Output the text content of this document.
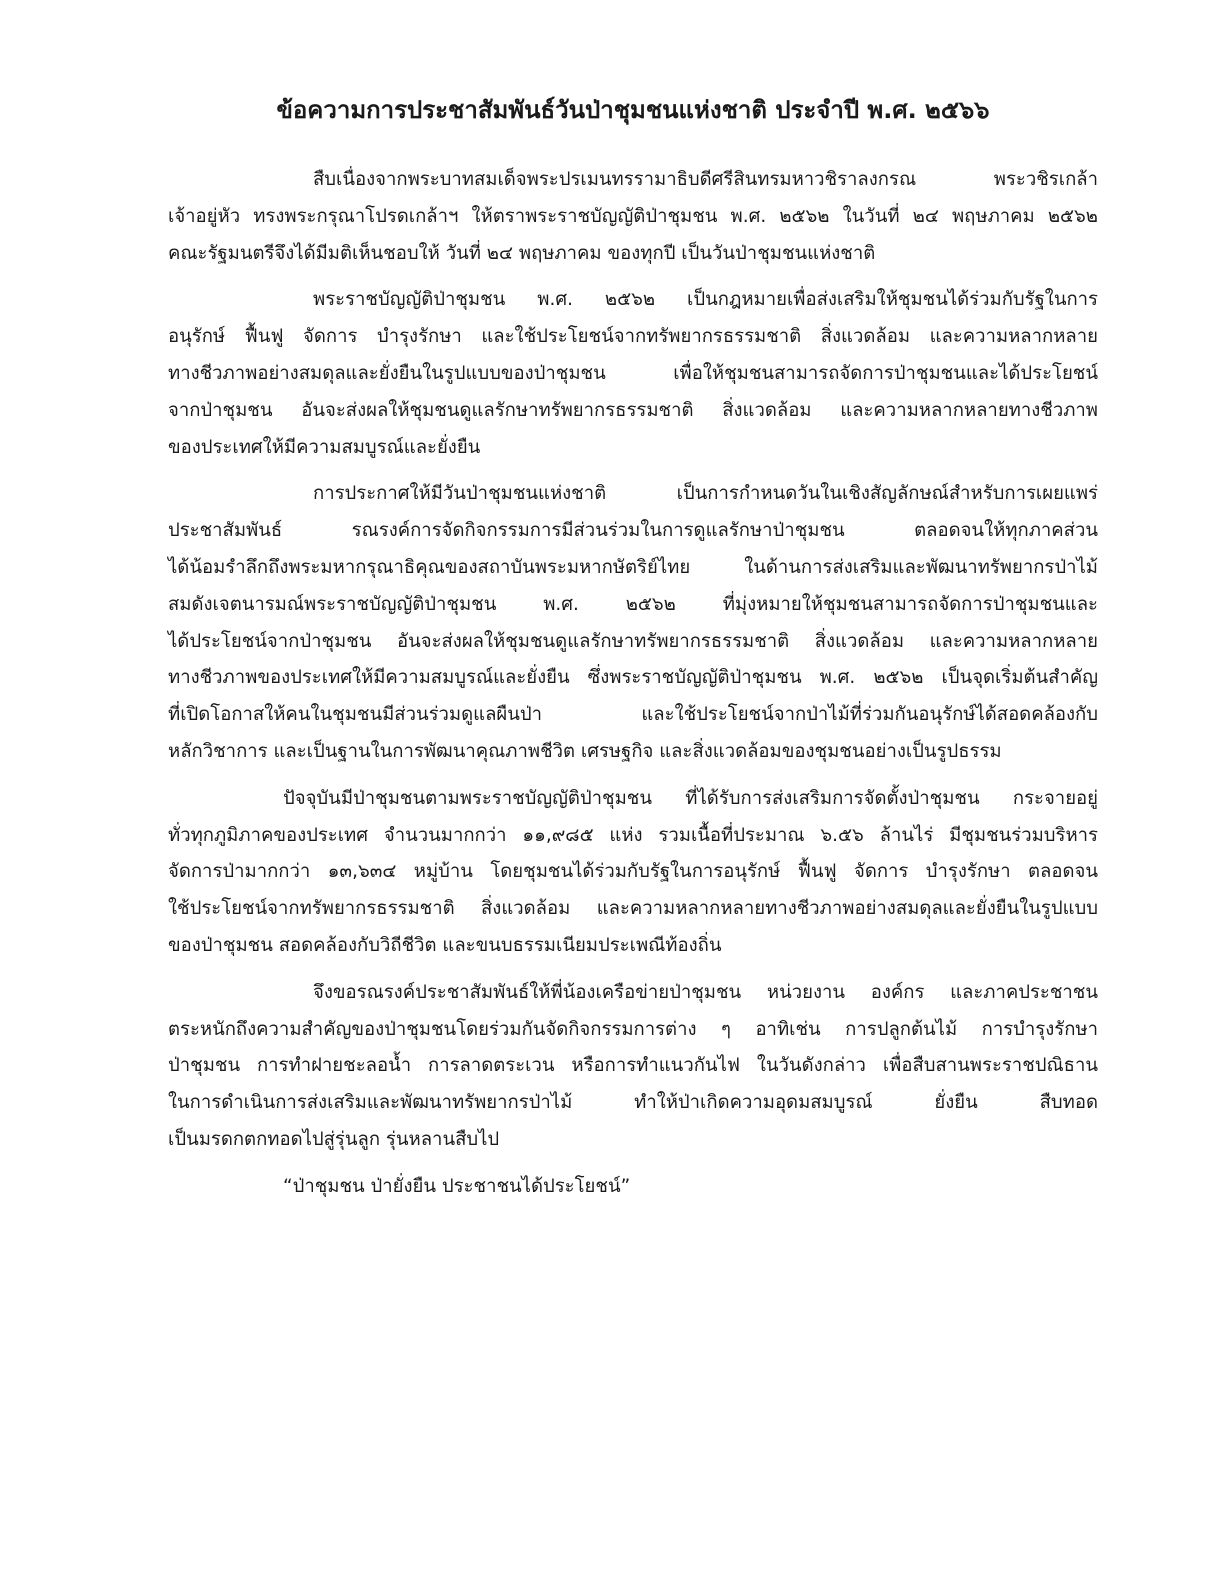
ข้อความการประชาสัมพันธ์วันป่าชุมชนแห่งชาติ ประจำปี พ.ศ. ๒๕๖๖
สืบเนื่องจากพระบาทสมเด็จพระปรเมนทรรามาธิบดีศรีสินทรมหาวชิราลงกรณ พระวชิรเกล้า
เจ้าอยู่หัว ทรงพระกรุณาโปรดเกล้าฯ ให้ตราพระราชบัญญัติป่าชุมชน พ.ศ. ๒๕๖๒ ในวันที่ ๒๔ พฤษภาคม ๒๕๖๒
คณะรัฐมนตรีจึงได้มีมติเห็นชอบให้ วันที่ ๒๔ พฤษภาคม ของทุกปี เป็นวันป่าชุมชนแห่งชาติ
พระราชบัญญัติป่าชุมชน พ.ศ. ๒๕๖๒ เป็นกฎหมายเพื่อส่งเสริมให้ชุมชนได้ร่วมกับรัฐในการ
อนุรักษ์ ฟื้นฟู จัดการ บำรุงรักษา และใช้ประโยชน์จากทรัพยากรธรรมชาติ สิ่งแวดล้อม และความหลากหลาย
ทางชีวภาพอย่างสมดุลและยั่งยืนในรูปแบบของป่าชุมชน เพื่อให้ชุมชนสามารถจัดการป่าชุมชนและได้ประโยชน์
จากป่าชุมชน อันจะส่งผลให้ชุมชนดูแลรักษาทรัพยากรธรรมชาติ สิ่งแวดล้อม และความหลากหลายทางชีวภาพ
ของประเทศให้มีความสมบูรณ์และยั่งยืน
การประกาศให้มีวันป่าชุมชนแห่งชาติ เป็นการกำหนดวันในเชิงสัญลักษณ์สำหรับการเผยแพร่
ประชาสัมพันธ์ รณรงค์การจัดกิจกรรมการมีส่วนร่วมในการดูแลรักษาป่าชุมชน ตลอดจนให้ทุกภาคส่วน
ได้น้อมรำลึกถึงพระมหากรุณาธิคุณของสถาบันพระมหากษัตริย์ไทย ในด้านการส่งเสริมและพัฒนาทรัพยากรป่าไม้
สมดังเจตนารมณ์พระราชบัญญัติป่าชุมชน พ.ศ. ๒๕๖๒ ที่มุ่งหมายให้ชุมชนสามารถจัดการป่าชุมชนและ
ได้ประโยชน์จากป่าชุมชน อันจะส่งผลให้ชุมชนดูแลรักษาทรัพยากรธรรมชาติ สิ่งแวดล้อม และความหลากหลาย
ทางชีวภาพของประเทศให้มีความสมบูรณ์และยั่งยืน ซึ่งพระราชบัญญัติป่าชุมชน พ.ศ. ๒๕๖๒ เป็นจุดเริ่มต้นสำคัญ
ที่เปิดโอกาสให้คนในชุมชนมีส่วนร่วมดูแลผืนป่า และใช้ประโยชน์จากป่าไม้ที่ร่วมกันอนุรักษ์ได้สอดคล้องกับ
หลักวิชาการ และเป็นฐานในการพัฒนาคุณภาพชีวิต เศรษฐกิจ และสิ่งแวดล้อมของชุมชนอย่างเป็นรูปธรรม
ปัจจุบันมีป่าชุมชนตามพระราชบัญญัติป่าชุมชน ที่ได้รับการส่งเสริมการจัดตั้งป่าชุมชน กระจายอยู่
ทั่วทุกภูมิภาคของประเทศ จำนวนมากกว่า ๑๑,๙๘๕ แห่ง รวมเนื้อที่ประมาณ ๖.๕๖ ล้านไร่ มีชุมชนร่วมบริหาร
จัดการป่ามากกว่า ๑๓,๖๓๔ หมู่บ้าน โดยชุมชนได้ร่วมกับรัฐในการอนุรักษ์ ฟื้นฟู จัดการ บำรุงรักษา ตลอดจน
ใช้ประโยชน์จากทรัพยากรธรรมชาติ สิ่งแวดล้อม และความหลากหลายทางชีวภาพอย่างสมดุลและยั่งยืนในรูปแบบ
ของป่าชุมชน สอดคล้องกับวิถีชีวิต และขนบธรรมเนียมประเพณีท้องถิ่น
จึงขอรณรงค์ประชาสัมพันธ์ให้พี่น้องเครือข่ายป่าชุมชน หน่วยงาน องค์กร และภาคประชาชน
ตระหนักถึงความสำคัญของป่าชุมชนโดยร่วมกันจัดกิจกรรมการต่าง ๆ อาทิเช่น การปลูกต้นไม้ การบำรุงรักษา
ป่าชุมชน การทำฝายชะลอน้ำ การลาดตระเวน หรือการทำแนวกันไฟ ในวันดังกล่าว เพื่อสืบสานพระราชปณิธาน
ในการดำเนินการส่งเสริมและพัฒนาทรัพยากรป่าไม้ ทำให้ป่าเกิดความอุดมสมบูรณ์ ยั่งยืน สืบทอด
เป็นมรดกตกทอดไปสู่รุ่นลูก รุ่นหลานสืบไป
“ป่าชุมชน ป่ายั่งยืน ประชาชนได้ประโยชน์”
